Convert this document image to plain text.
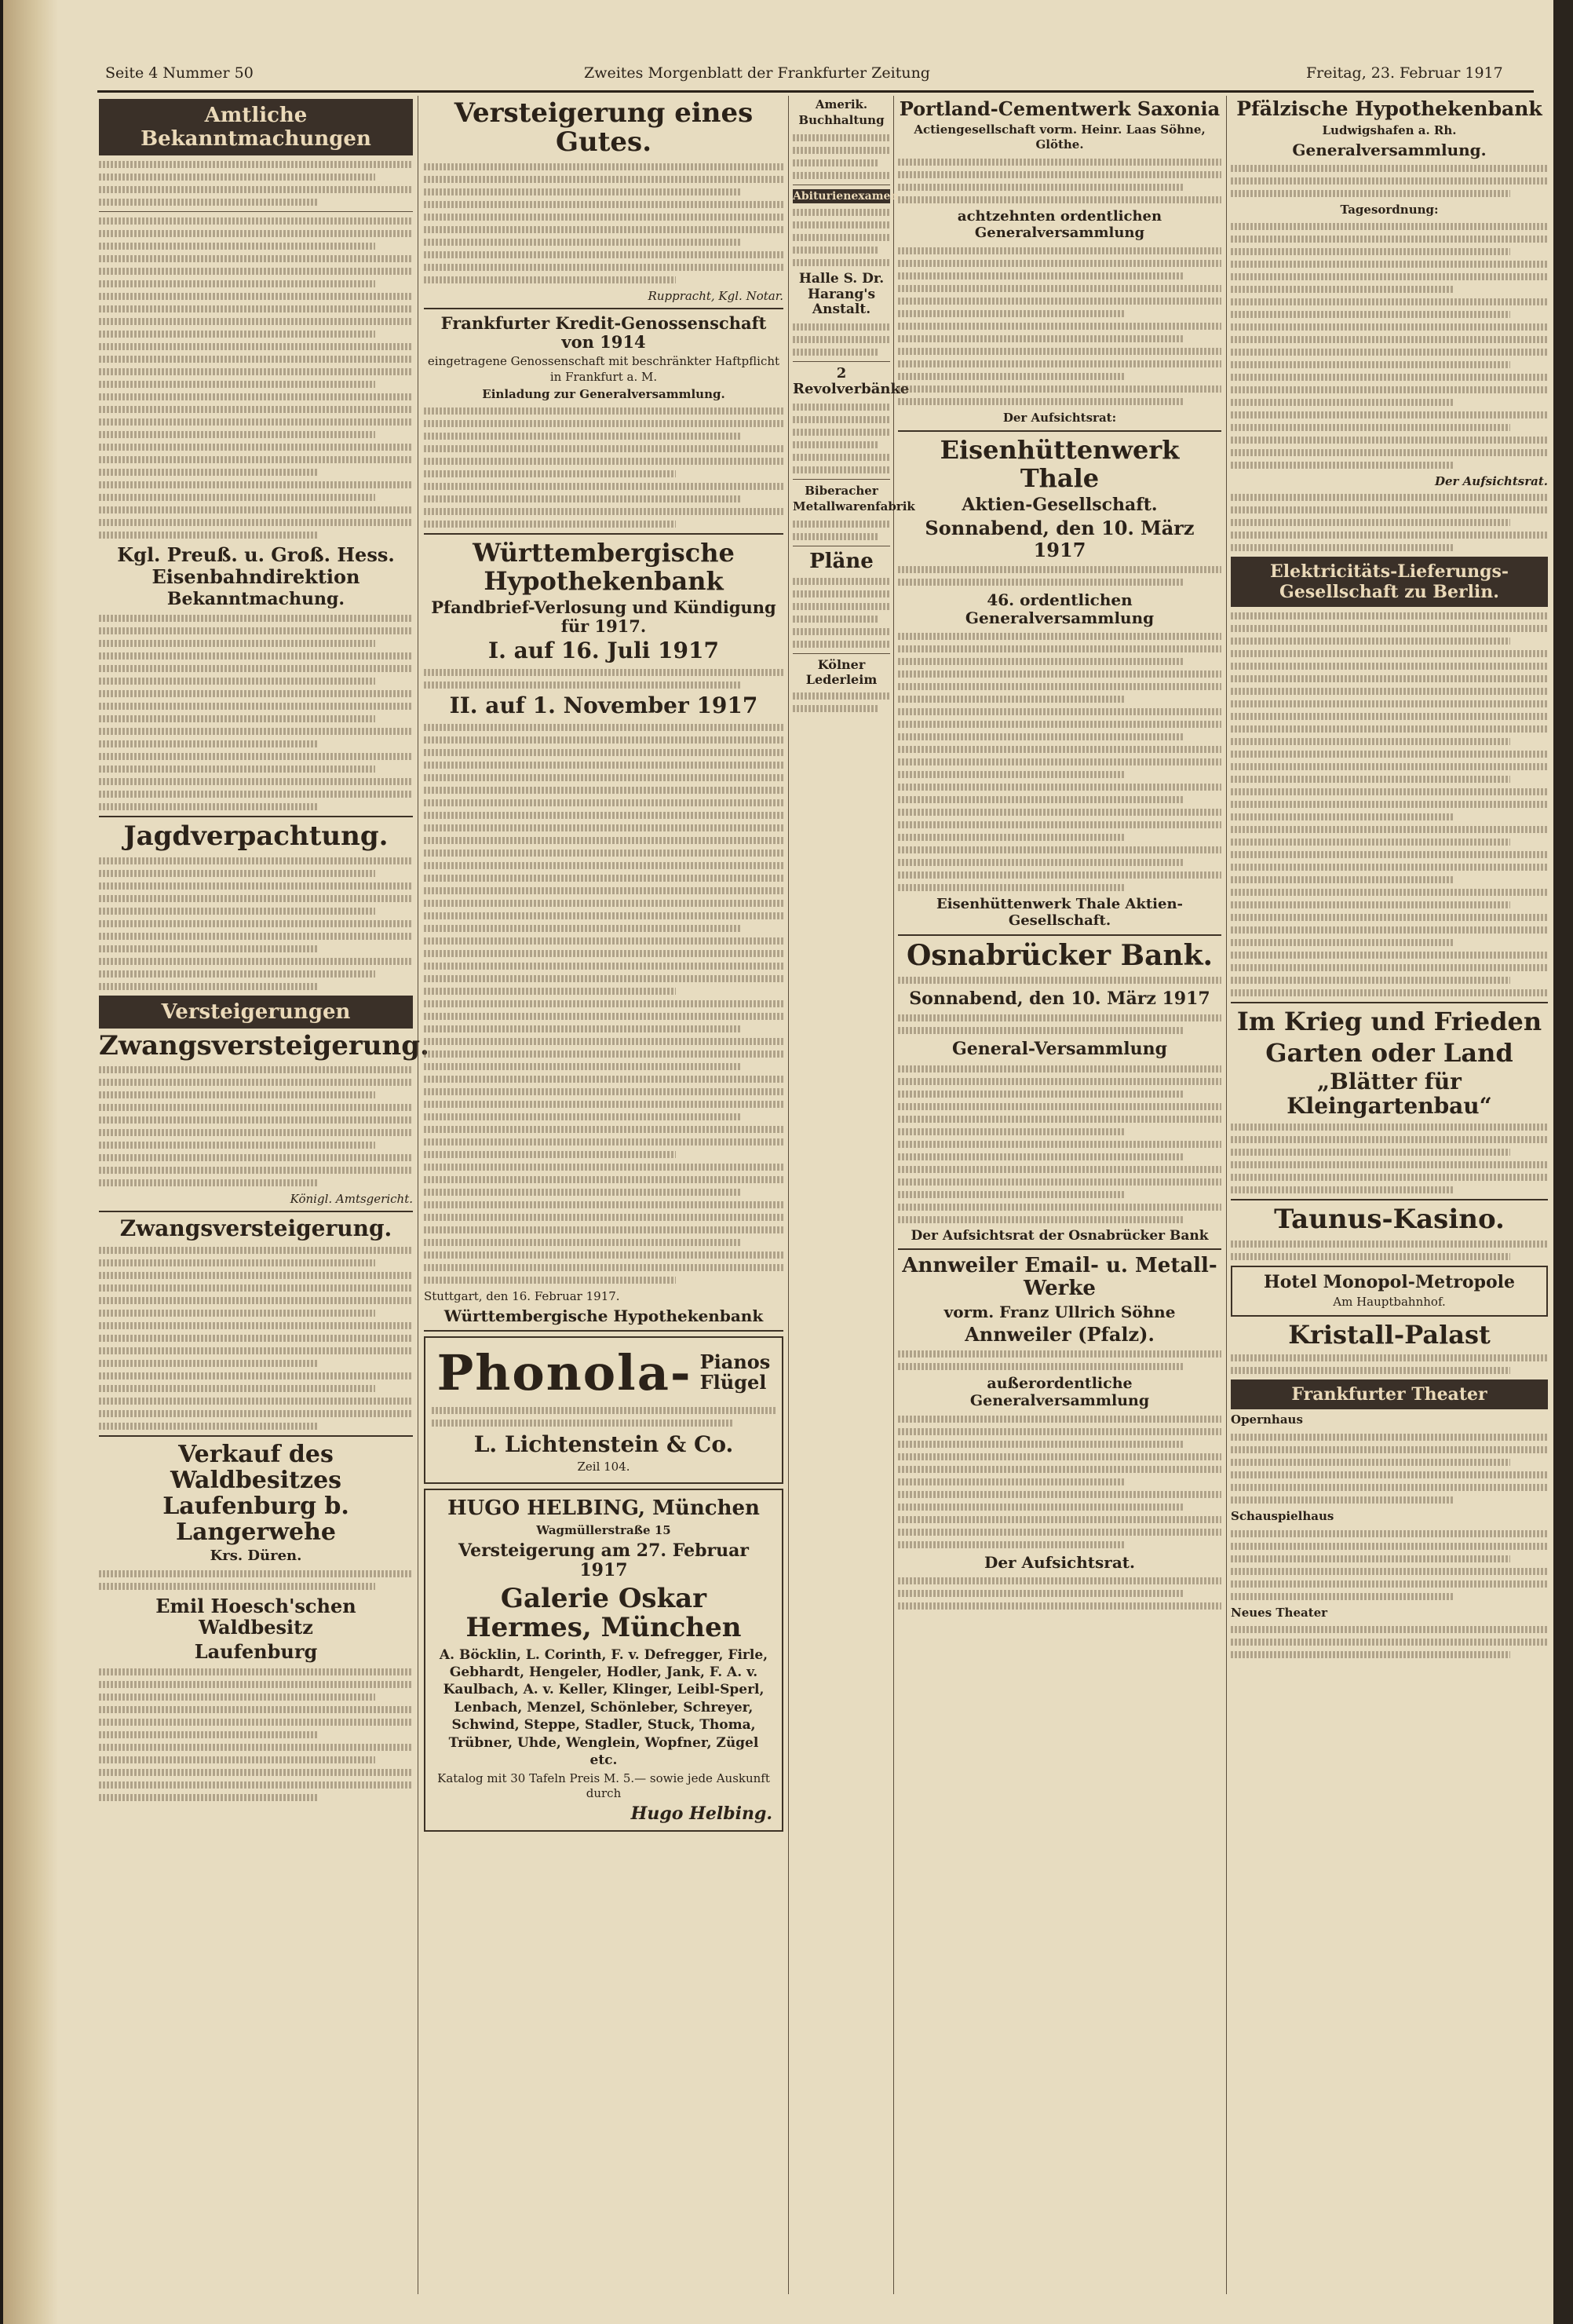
Seite 4 Nummer 50	Zweites Morgenblatt der Frankfurter Zeitung	Freitag, 23. Februar 1917
Amtliche Bekanntmachungen
Kgl. Preuß. u. Groß. Hess. Eisenbahndirektion
Bekanntmachung.
Jagdverpachtung.
Versteigerungen
Zwangsversteigerung.
Königl. Amtsgericht.
Zwangsversteigerung.
Verkauf des Waldbesitzes Laufenburg b. Langerwehe
Krs. Düren.
Emil Hoesch'schen Waldbesitz
Laufenburg
Versteigerung eines Gutes.
Ruppracht, Kgl. Notar.
Frankfurter Kredit-Genossenschaft von 1914
eingetragene Genossenschaft mit beschränkter Haftpflicht in Frankfurt a. M.
Einladung zur Generalversammlung.
Württembergische Hypothekenbank
Pfandbrief-Verlosung und Kündigung für 1917.
I. auf 16. Juli 1917
II. auf 1. November 1917
Stuttgart, den 16. Februar 1917.
Württembergische Hypothekenbank
Phonola- Pianos
Flügel
L. Lichtenstein & Co.
Zeil 104.
HUGO HELBING, München
Wagmüllerstraße 15
Versteigerung am 27. Februar 1917
Galerie Oskar Hermes, München
A. Böcklin, L. Corinth, F. v. Defregger, Firle, Gebhardt, Hengeler, Hodler, Jank, F. A. v. Kaulbach, A. v. Keller, Klinger, Leibl-Sperl, Lenbach, Menzel, Schönleber, Schreyer, Schwind, Steppe, Stadler, Stuck, Thoma, Trübner, Uhde, Wenglein, Wopfner, Zügel etc.
Katalog mit 30 Tafeln Preis M. 5.— sowie jede Auskunft durch
Hugo Helbing.
Amerik. Buchhaltung
Abiturienexamen
Halle S. Dr. Harang's Anstalt.
2 Revolverbänke
Biberacher Metallwarenfabrik
Pläne
Kölner Lederleim
Portland-Cementwerk Saxonia
Actiengesellschaft vorm. Heinr. Laas Söhne, Glöthe.
achtzehnten ordentlichen Generalversammlung
Der Aufsichtsrat:
Eisenhüttenwerk Thale
Aktien-Gesellschaft.
Sonnabend, den 10. März 1917
46. ordentlichen Generalversammlung
Eisenhüttenwerk Thale Aktien-Gesellschaft.
Osnabrücker Bank.
Sonnabend, den 10. März 1917
General-Versammlung
Der Aufsichtsrat der Osnabrücker Bank
Annweiler Email- u. Metall-Werke
vorm. Franz Ullrich Söhne
Annweiler (Pfalz).
außerordentliche Generalversammlung
Der Aufsichtsrat.
Pfälzische Hypothekenbank
Ludwigshafen a. Rh.
Generalversammlung.
Tagesordnung:
Der Aufsichtsrat.
Elektricitäts-Lieferungs-Gesellschaft zu Berlin.
Im Krieg und Frieden
Garten oder Land
„Blätter für Kleingartenbau“
Taunus-Kasino.
Hotel Monopol-Metropole
Am Hauptbahnhof.
Kristall-Palast
Frankfurter Theater
Opernhaus
Schauspielhaus
Neues Theater
